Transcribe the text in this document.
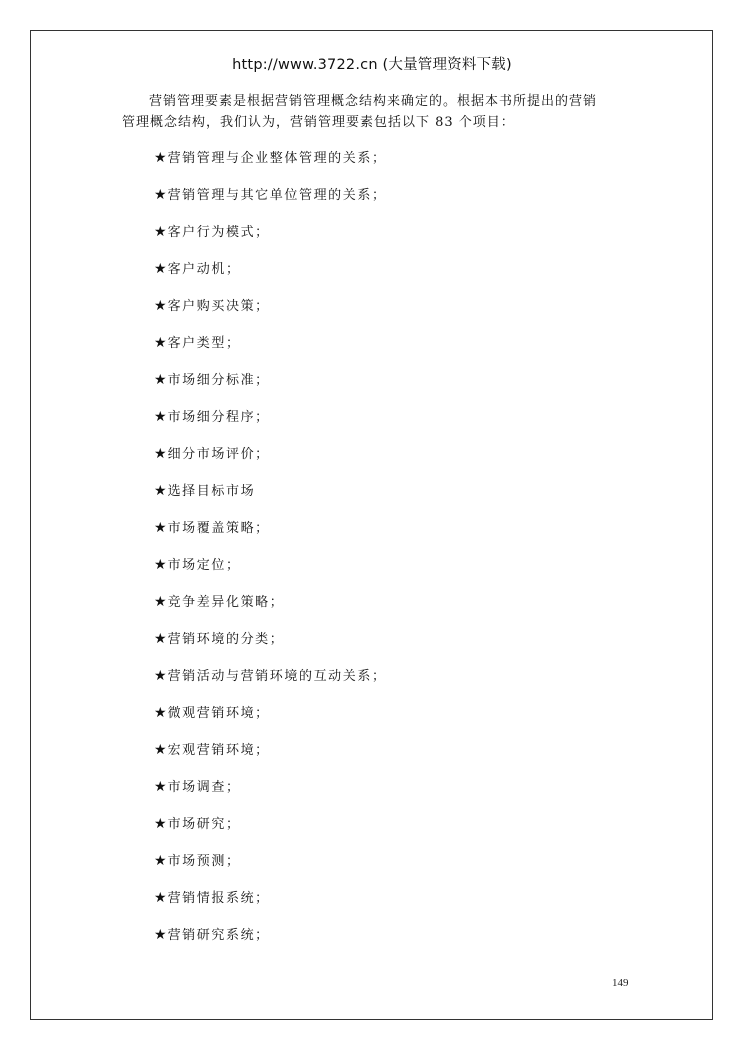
http://www.3722.cn (大量管理资料下载)

营销管理要素是根据营销管理概念结构来确定的。根据本书所提出的营销
管理概念结构，我们认为，营销管理要素包括以下 83 个项目：

★营销管理与企业整体管理的关系；
★营销管理与其它单位管理的关系；
★客户行为模式；
★客户动机；
★客户购买决策；
★客户类型；
★市场细分标准；
★市场细分程序；
★细分市场评价；
★选择目标市场
★市场覆盖策略；
★市场定位；
★竞争差异化策略；
★营销环境的分类；
★营销活动与营销环境的互动关系；
★微观营销环境；
★宏观营销环境；
★市场调查；
★市场研究；
★市场预测；
★营销情报系统；
★营销研究系统；
149
